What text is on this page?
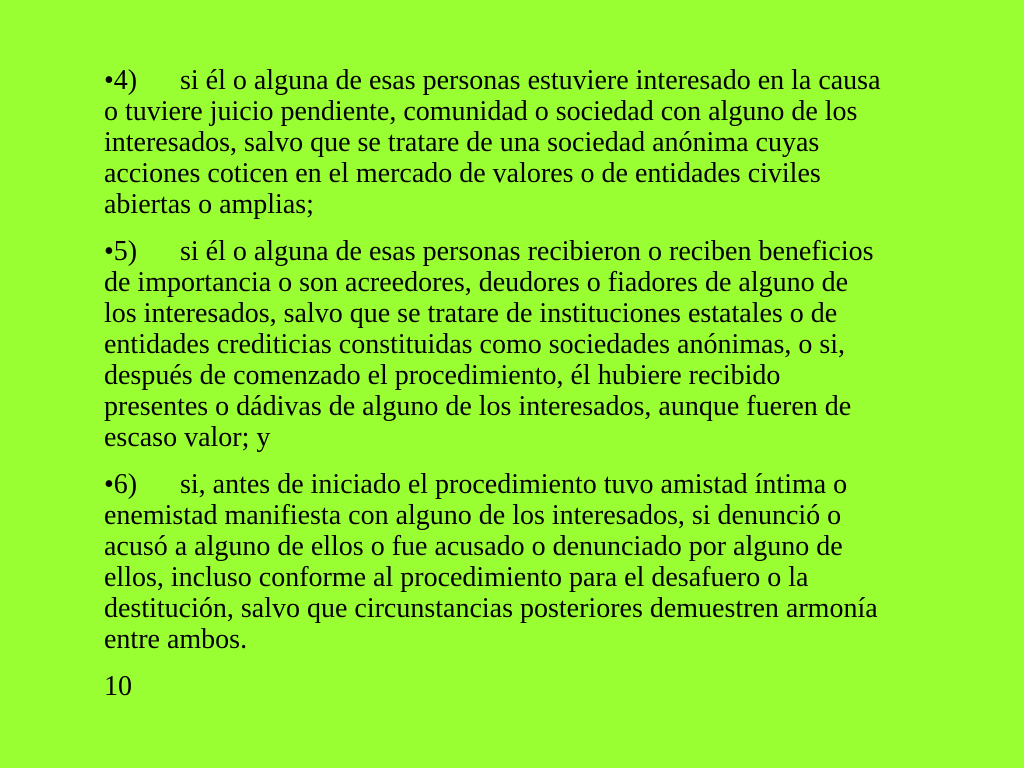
•4) si él o alguna de esas personas estuviere interesado en la causa
o tuviere juicio pendiente, comunidad o sociedad con alguno de los
interesados, salvo que se tratare de una sociedad anónima cuyas
acciones coticen en el mercado de valores o de entidades civiles
abiertas o amplias;
•5) si él o alguna de esas personas recibieron o reciben beneficios
de importancia o son acreedores, deudores o fiadores de alguno de
los interesados, salvo que se tratare de instituciones estatales o de
entidades crediticias constituidas como sociedades anónimas, o si,
después de comenzado el procedimiento, él hubiere recibido
presentes o dádivas de alguno de los interesados, aunque fueren de
escaso valor; y
•6) si, antes de iniciado el procedimiento tuvo amistad íntima o
enemistad manifiesta con alguno de los interesados, si denunció o
acusó a alguno de ellos o fue acusado o denunciado por alguno de
ellos, incluso conforme al procedimiento para el desafuero o la
destitución, salvo que circunstancias posteriores demuestren armonía
entre ambos.
10
